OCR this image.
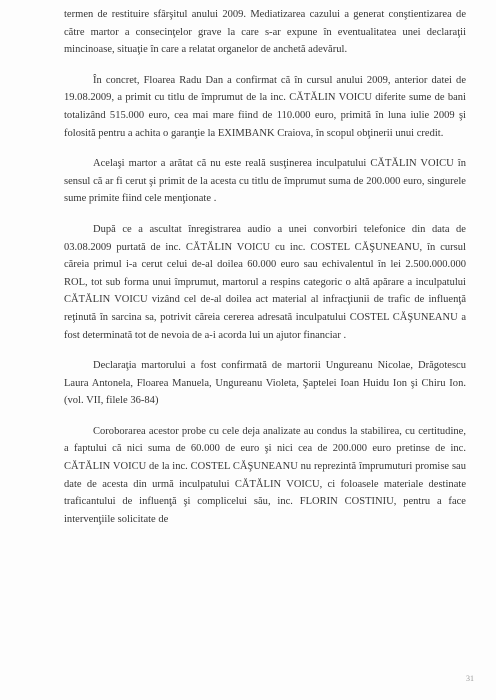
termen de restituire sfârşitul anului 2009. Mediatizarea cazului a generat conştientizarea de către martor a consecinţelor grave la care s-ar expune în eventualitatea unei declaraţii mincinoase, situaţie în care a relatat organelor de anchetă adevărul.

În concret, Floarea Radu Dan a confirmat că în cursul anului 2009, anterior datei de 19.08.2009, a primit cu titlu de împrumut de la inc. CĂTĂLIN VOICU diferite sume de bani totalizând 515.000 euro, cea mai mare fiind de 110.000 euro, primită în luna iulie 2009 şi folosită pentru a achita o garanţie la EXIMBANK Craiova, în scopul obţinerii unui credit.

Acelaşi martor a arătat că nu este reală susţinerea inculpatului CĂTĂLIN VOICU în sensul că ar fi cerut şi primit de la acesta cu titlu de împrumut suma de 200.000 euro, singurele sume primite fiind cele menţionate .

După ce a ascultat înregistrarea audio a unei convorbiri telefonice din data de 03.08.2009 purtată de inc. CĂTĂLIN VOICU cu inc. COSTEL CĂŞUNEANU, în cursul căreia primul i-a cerut celui de-al doilea 60.000 euro sau echivalentul în lei 2.500.000.000 ROL, tot sub forma unui împrumut, martorul a respins categoric o altă apărare a inculpatului CĂTĂLIN VOICU vizând cel de-al doilea act material al infracţiunii de trafic de influenţă reţinută în sarcina sa, potrivit căreia cererea adresată inculpatului COSTEL CĂŞUNEANU a fost determinată tot de nevoia de a-i acorda lui un ajutor financiar .

Declaraţia martorului a fost confirmată de martorii Ungureanu Nicolae, Drăgotescu Laura Antonela, Floarea Manuela, Ungureanu Violeta, Şaptelei Ioan Huidu Ion şi Chiru Ion.(vol. VII, filele 36-84)

Coroborarea acestor probe cu cele deja analizate au condus la stabilirea, cu certitudine, a faptului că nici suma de 60.000 de euro şi nici cea de 200.000 euro pretinse de inc. CĂTĂLIN VOICU de la inc. COSTEL CĂŞUNEANU nu reprezintă împrumuturi promise sau date de acesta din urmă inculpatului CĂTĂLIN VOICU, ci foloasele materiale destinate traficantului de influenţă şi complicelui său, inc. FLORIN COSTINIU, pentru a face intervenţiile solicitate de

31
